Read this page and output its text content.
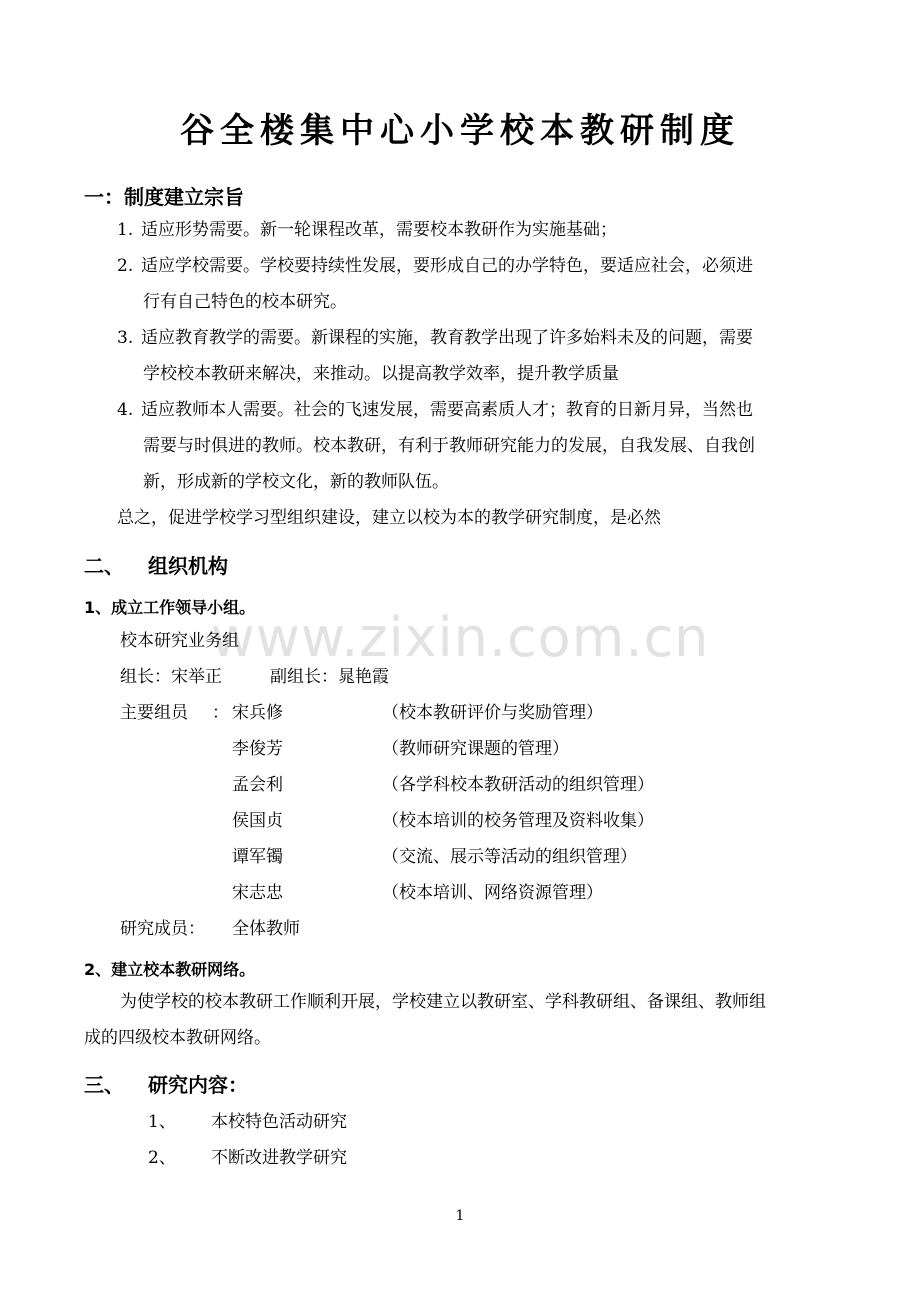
www.zixin.com.cn
谷全楼集中心小学校本教研制度
一：制度建立宗旨
1. 适应形势需要。新一轮课程改革，需要校本教研作为实施基础；
2. 适应学校需要。学校要持续性发展，要形成自己的办学特色，要适应社会，必须进
行有自己特色的校本研究。
3. 适应教育教学的需要。新课程的实施，教育教学出现了许多始料未及的问题，需要
学校校本教研来解决，来推动。以提高教学效率，提升教学质量
4. 适应教师本人需要。社会的飞速发展，需要高素质人才；教育的日新月异，当然也
需要与时俱进的教师。校本教研，有利于教师研究能力的发展，自我发展、自我创
新，形成新的学校文化，新的教师队伍。
总之，促进学校学习型组织建设，建立以校为本的教学研究制度，是必然
二、 组织机构
1、成立工作领导小组。
校本研究业务组
组长：宋举正	副组长：晁艳霞
主要组员 ： 宋兵修	（校本教研评价与奖励管理）
李俊芳	（教师研究课题的管理）
孟会利	（各学科校本教研活动的组织管理）
侯国贞	（校本培训的校务管理及资料收集）
谭军镯	（交流、展示等活动的组织管理）
宋志忠	（校本培训、网络资源管理）
研究成员： 全体教师
2、建立校本教研网络。
为使学校的校本教研工作顺利开展，学校建立以教研室、学科教研组、备课组、教师组
成的四级校本教研网络。
三、 研究内容：
1、 本校特色活动研究
2、 不断改进教学研究
1
